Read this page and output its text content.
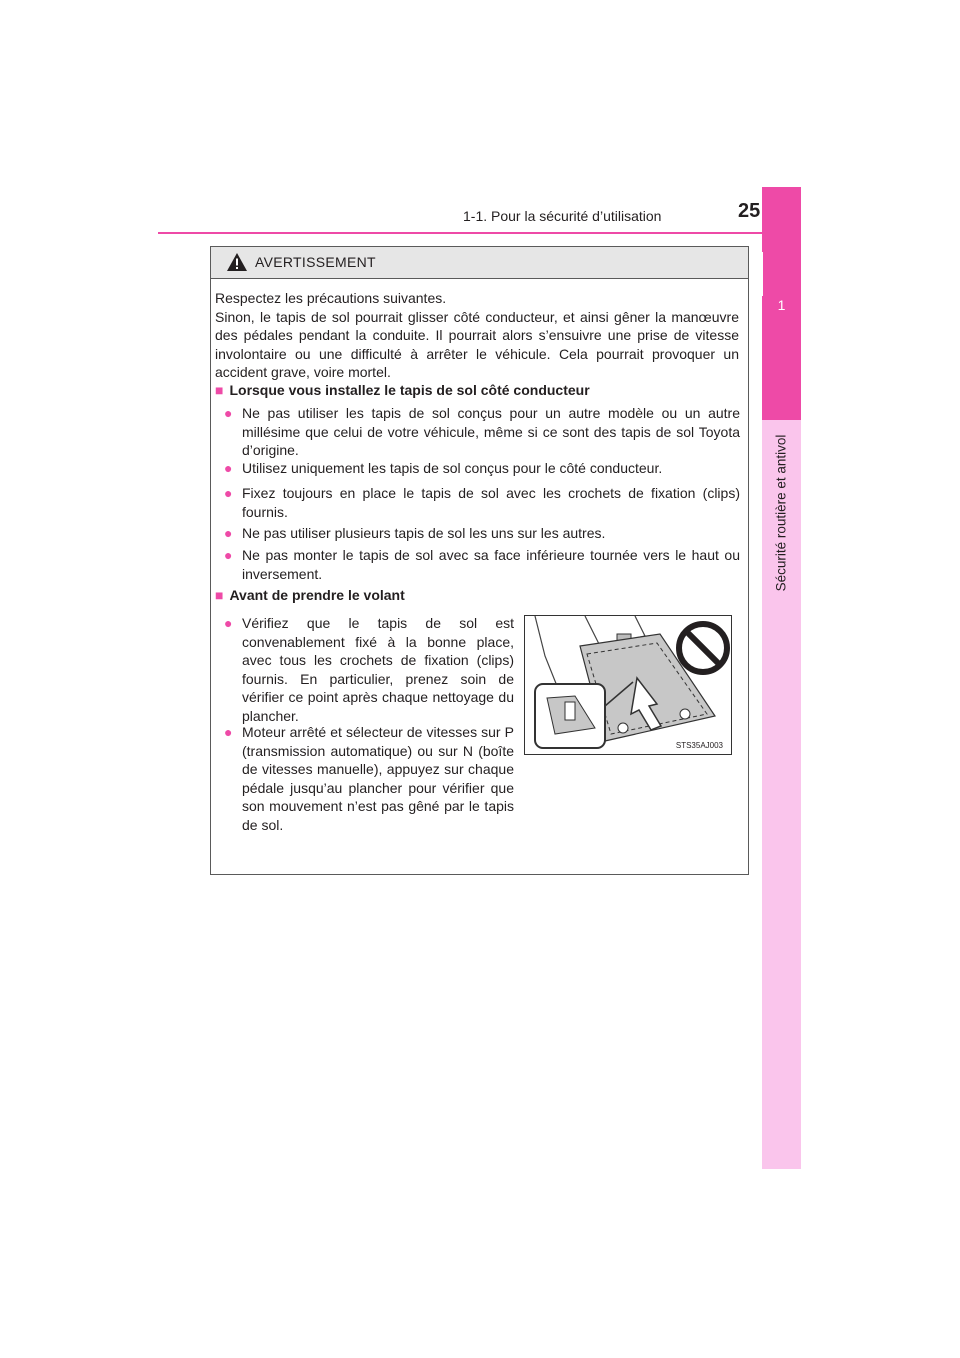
1-1. Pour la sécurité d’utilisation	25
1
Sécurité routière et antivol
AVERTISSEMENT
Respectez les précautions suivantes.
Sinon, le tapis de sol pourrait glisser côté conducteur, et ainsi gêner la manœuvre des pédales pendant la conduite. Il pourrait alors s’ensuivre une prise de vitesse involontaire ou une difficulté à arrêter le véhicule. Cela pourrait provoquer un accident grave, voire mortel.
■ Lorsque vous installez le tapis de sol côté conducteur
● Ne pas utiliser les tapis de sol conçus pour un autre modèle ou un autre millésime que celui de votre véhicule, même si ce sont des tapis de sol Toyota d’origine.
● Utilisez uniquement les tapis de sol conçus pour le côté conducteur.
● Fixez toujours en place le tapis de sol avec les crochets de fixation (clips) fournis.
● Ne pas utiliser plusieurs tapis de sol les uns sur les autres.
● Ne pas monter le tapis de sol avec sa face inférieure tournée vers le haut ou inversement.
■ Avant de prendre le volant
● Vérifiez que le tapis de sol est convenablement fixé à la bonne place, avec tous les crochets de fixation (clips) fournis. En particulier, prenez soin de vérifier ce point après chaque nettoyage du plancher.
● Moteur arrêté et sélecteur de vitesses sur P (transmission automatique) ou sur N (boîte de vitesses manuelle), appuyez sur chaque pédale jusqu’au plancher pour vérifier que son mouvement n’est pas gêné par le tapis de sol.
STS35AJ003
